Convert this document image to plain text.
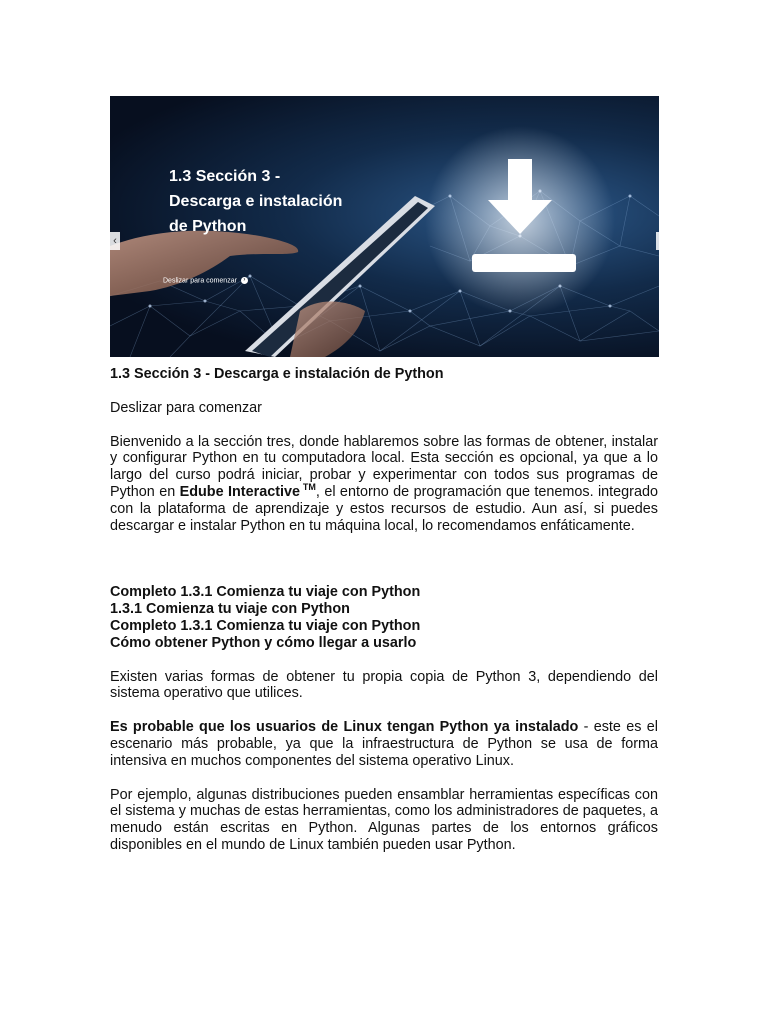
1.3 Sección 3 -
Descarga e instalación
de Python
Deslizar para comenzar ›
‹

1.3 Sección 3 - Descarga e instalación de Python

Deslizar para comenzar

Bienvenido a la sección tres, donde hablaremos sobre las formas de obtener, instalar y configurar Python en tu computadora local. Esta sección es opcional, ya que a lo largo del curso podrá iniciar, probar y experimentar con todos sus programas de Python en Edube Interactive ™, el entorno de programación que tenemos. integrado con la plataforma de aprendizaje y estos recursos de estudio. Aun así, si puedes descargar e instalar Python en tu máquina local, lo recomendamos enfáticamente.

Completo 1.3.1 Comienza tu viaje con Python

1.3.1 Comienza tu viaje con Python

Completo 1.3.1 Comienza tu viaje con Python

Cómo obtener Python y cómo llegar a usarlo

Existen varias formas de obtener tu propia copia de Python 3, dependiendo del sistema operativo que utilices.

Es probable que los usuarios de Linux tengan Python ya instalado - este es el escenario más probable, ya que la infraestructura de Python se usa de forma intensiva en muchos componentes del sistema operativo Linux.

Por ejemplo, algunas distribuciones pueden ensamblar herramientas específicas con el sistema y muchas de estas herramientas, como los administradores de paquetes, a menudo están escritas en Python. Algunas partes de los entornos gráficos disponibles en el mundo de Linux también pueden usar Python.
